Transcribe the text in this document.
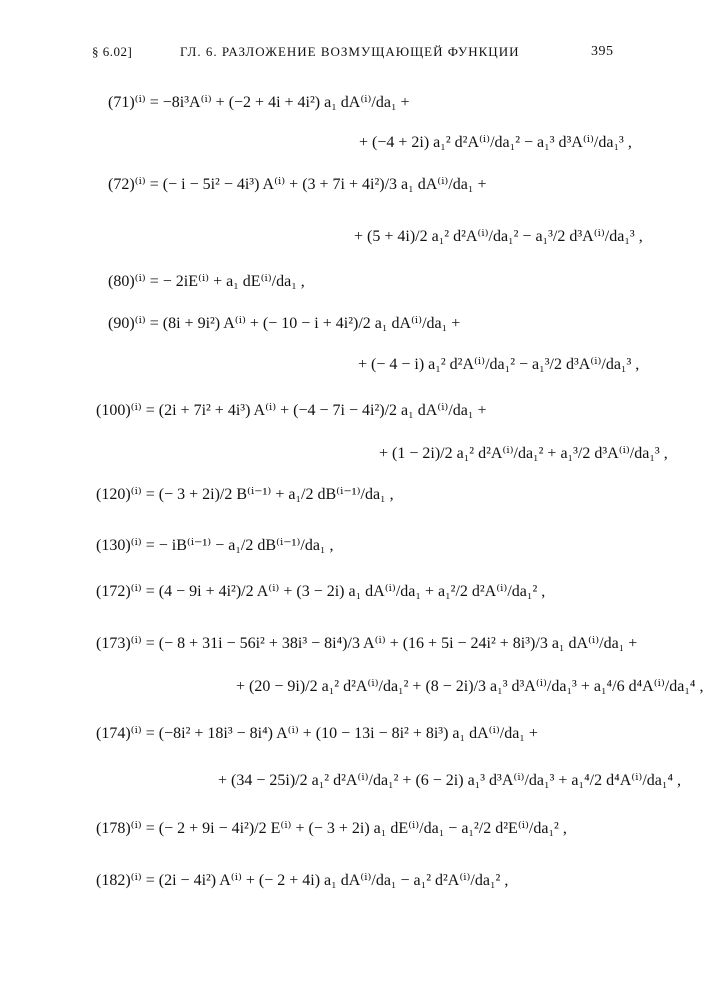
§ 6.02]	ГЛ. 6. РАЗЛОЖЕНИЕ ВОЗМУЩАЮЩЕЙ ФУНКЦИИ	395
(71)⁽ⁱ⁾ = −8i³A⁽ⁱ⁾ + (−2 + 4i + 4i²) a₁ dA⁽ⁱ⁾/da₁ +
+ (−4 + 2i) a₁² d²A⁽ⁱ⁾/da₁² − a₁³ d³A⁽ⁱ⁾/da₁³ ,
(72)⁽ⁱ⁾ = (− i − 5i² − 4i³) A⁽ⁱ⁾ + (3 + 7i + 4i²)/3 a₁ dA⁽ⁱ⁾/da₁ +
+ (5 + 4i)/2 a₁² d²A⁽ⁱ⁾/da₁² − a₁³/2 d³A⁽ⁱ⁾/da₁³ ,
(80)⁽ⁱ⁾ = − 2iE⁽ⁱ⁾ + a₁ dE⁽ⁱ⁾/da₁ ,
(90)⁽ⁱ⁾ = (8i + 9i²) A⁽ⁱ⁾ + (− 10 − i + 4i²)/2 a₁ dA⁽ⁱ⁾/da₁ +
+ (− 4 − i) a₁² d²A⁽ⁱ⁾/da₁² − a₁³/2 d³A⁽ⁱ⁾/da₁³ ,
(100)⁽ⁱ⁾ = (2i + 7i² + 4i³) A⁽ⁱ⁾ + (−4 − 7i − 4i²)/2 a₁ dA⁽ⁱ⁾/da₁ +
+ (1 − 2i)/2 a₁² d²A⁽ⁱ⁾/da₁² + a₁³/2 d³A⁽ⁱ⁾/da₁³ ,
(120)⁽ⁱ⁾ = (− 3 + 2i)/2 B⁽ⁱ⁻¹⁾ + a₁/2 dB⁽ⁱ⁻¹⁾/da₁ ,
(130)⁽ⁱ⁾ = − iB⁽ⁱ⁻¹⁾ − a₁/2 dB⁽ⁱ⁻¹⁾/da₁ ,
(172)⁽ⁱ⁾ = (4 − 9i + 4i²)/2 A⁽ⁱ⁾ + (3 − 2i) a₁ dA⁽ⁱ⁾/da₁ + a₁²/2 d²A⁽ⁱ⁾/da₁² ,
(173)⁽ⁱ⁾ = (− 8 + 31i − 56i² + 38i³ − 8i⁴)/3 A⁽ⁱ⁾ + (16 + 5i − 24i² + 8i³)/3 a₁ dA⁽ⁱ⁾/da₁ +
+ (20 − 9i)/2 a₁² d²A⁽ⁱ⁾/da₁² + (8 − 2i)/3 a₁³ d³A⁽ⁱ⁾/da₁³ + a₁⁴/6 d⁴A⁽ⁱ⁾/da₁⁴ ,
(174)⁽ⁱ⁾ = (−8i² + 18i³ − 8i⁴) A⁽ⁱ⁾ + (10 − 13i − 8i² + 8i³) a₁ dA⁽ⁱ⁾/da₁ +
+ (34 − 25i)/2 a₁² d²A⁽ⁱ⁾/da₁² + (6 − 2i) a₁³ d³A⁽ⁱ⁾/da₁³ + a₁⁴/2 d⁴A⁽ⁱ⁾/da₁⁴ ,
(178)⁽ⁱ⁾ = (− 2 + 9i − 4i²)/2 E⁽ⁱ⁾ + (− 3 + 2i) a₁ dE⁽ⁱ⁾/da₁ − a₁²/2 d²E⁽ⁱ⁾/da₁² ,
(182)⁽ⁱ⁾ = (2i − 4i²) A⁽ⁱ⁾ + (− 2 + 4i) a₁ dA⁽ⁱ⁾/da₁ − a₁² d²A⁽ⁱ⁾/da₁² ,
